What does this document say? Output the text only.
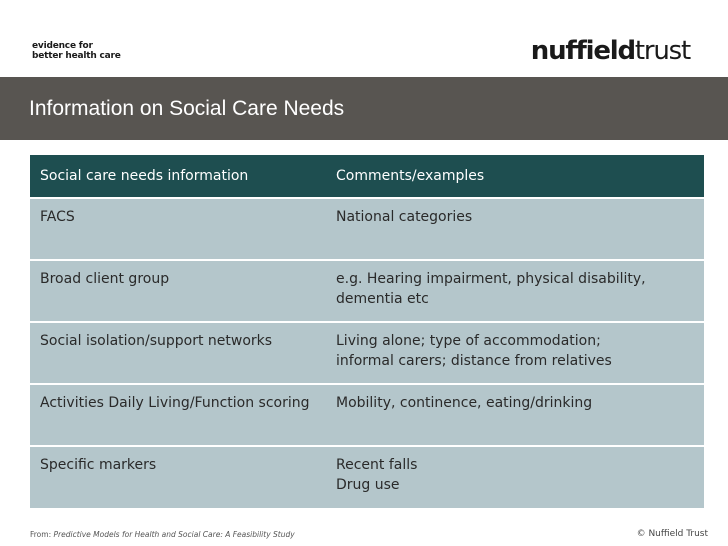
evidence for
better health care	nuffieldtrust
Information on Social Care Needs
Social care needs information	Comments/examples
FACS	National categories
Broad client group	e.g. Hearing impairment, physical disability,
dementia etc
Social isolation/support networks	Living alone; type of accommodation;
informal carers; distance from relatives
Activities Daily Living/Function scoring	Mobility, continence, eating/drinking
Specific markers	Recent falls
Drug use
From: Predictive Models for Health and Social Care: A Feasibility Study	© Nuffield Trust
